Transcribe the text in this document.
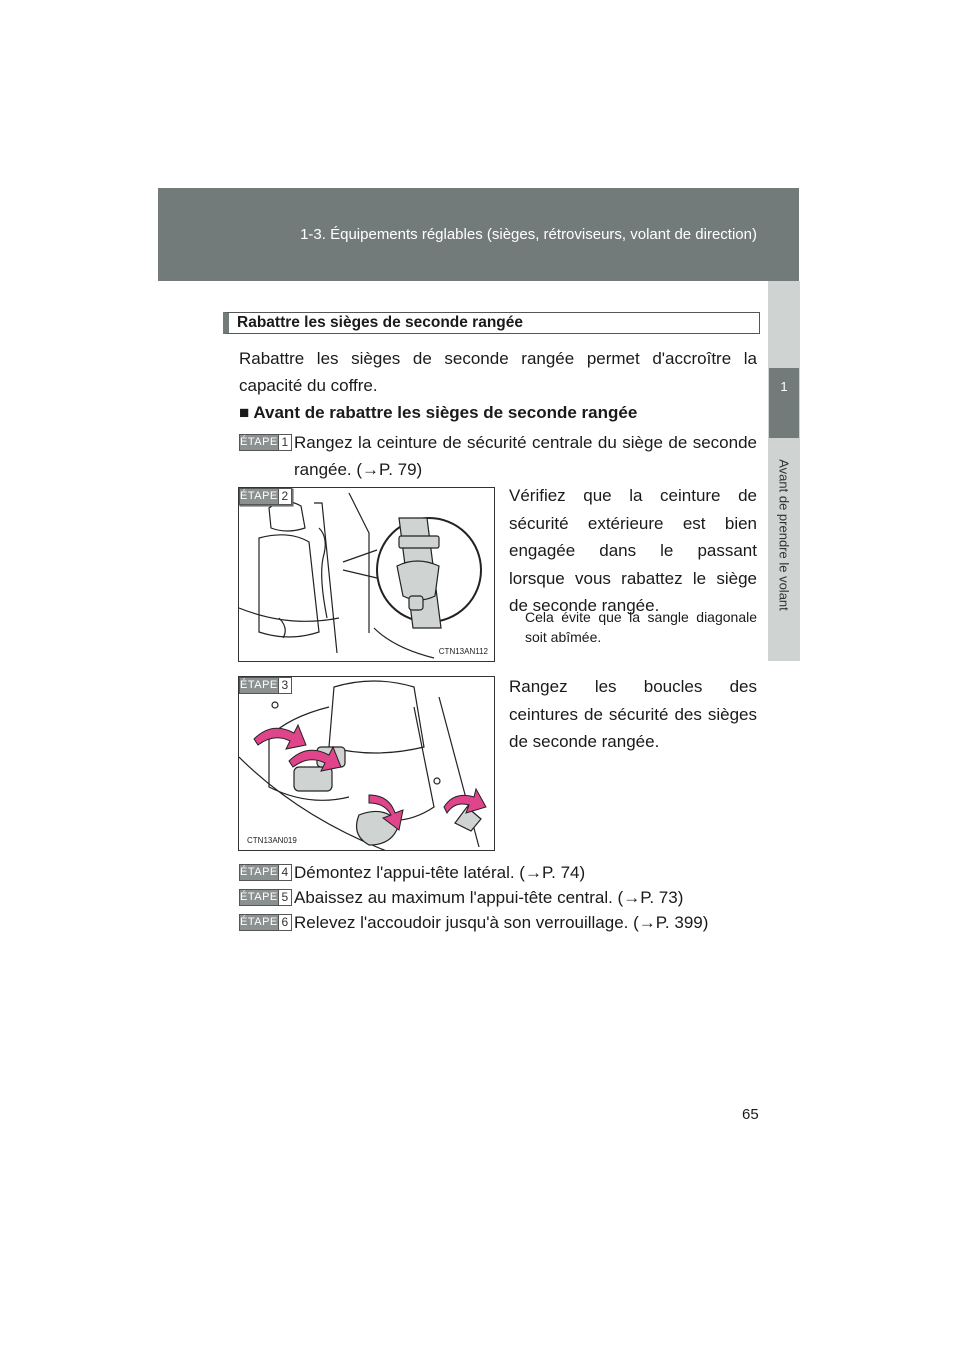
1-3. Équipements réglables (sièges, rétroviseurs, volant de direction)
1
Avant de prendre le volant
Rabattre les sièges de seconde rangée
Rabattre les sièges de seconde rangée permet d'accroître la capacité du coffre.
■ Avant de rabattre les sièges de seconde rangée
ÉTAPE 1 Rangez la ceinture de sécurité centrale du siège de seconde rangée. (→P. 79)
ÉTAPE 2
CTN13AN112
Vérifiez que la ceinture de sécurité extérieure est bien engagée dans le passant lorsque vous rabattez le siège de seconde rangée.
Cela évite que la sangle diagonale soit abîmée.
ÉTAPE 3
CTN13AN019
Rangez les boucles des ceintures de sécurité des sièges de seconde rangée.
ÉTAPE 4 Démontez l'appui-tête latéral. (→P. 74)
ÉTAPE 5 Abaissez au maximum l'appui-tête central. (→P. 73)
ÉTAPE 6 Relevez l'accoudoir jusqu'à son verrouillage. (→P. 399)
65
